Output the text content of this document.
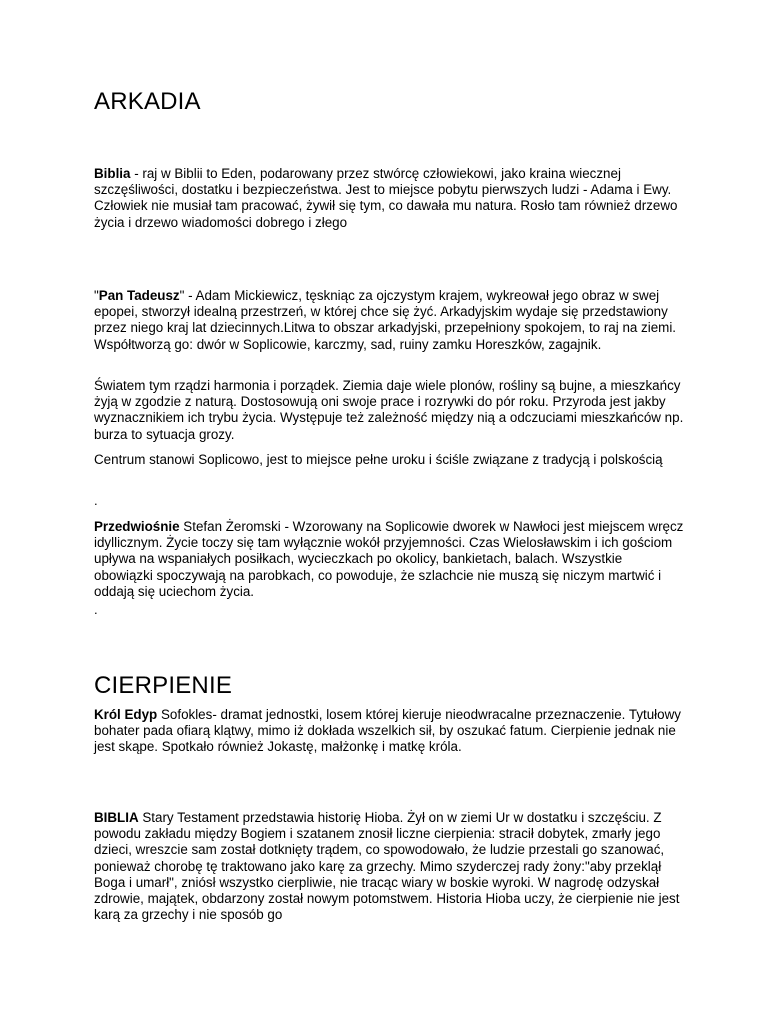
ARKADIA

Biblia - raj w Biblii to Eden, podarowany przez stwórcę człowiekowi, jako kraina wiecznej szczęśliwości, dostatku i bezpieczeństwa. Jest to miejsce pobytu pierwszych ludzi - Adama i Ewy. Człowiek nie musiał tam pracować, żywił się tym, co dawała mu natura. Rosło tam również drzewo życia i drzewo wiadomości dobrego i złego

"Pan Tadeusz" - Adam Mickiewicz, tęskniąc za ojczystym krajem, wykreował jego obraz w swej epopei, stworzył idealną przestrzeń, w której chce się żyć. Arkadyjskim wydaje się przedstawiony przez niego kraj lat dziecinnych.Litwa to obszar arkadyjski, przepełniony spokojem, to raj na ziemi. Współtworzą go: dwór w Soplicowie, karczmy, sad, ruiny zamku Horeszków, zagajnik.

Światem tym rządzi harmonia i porządek. Ziemia daje wiele plonów, rośliny są bujne, a mieszkańcy żyją w zgodzie z naturą. Dostosowują oni swoje prace i rozrywki do pór roku. Przyroda jest jakby wyznacznikiem ich trybu życia. Występuje też zależność między nią a odczuciami mieszkańców np. burza to sytuacja grozy.

Centrum stanowi Soplicowo, jest to miejsce pełne uroku i ściśle związane z tradycją i polskością

.

Przedwiośnie Stefan Żeromski - Wzorowany na Soplicowie dworek w Nawłoci jest miejscem wręcz idyllicznym. Życie toczy się tam wyłącznie wokół przyjemności. Czas Wielosławskim i ich gościom upływa na wspaniałych posiłkach, wycieczkach po okolicy, bankietach, balach. Wszystkie obowiązki spoczywają na parobkach, co powoduje, że szlachcie nie muszą się niczym martwić i oddają się uciechom życia.

.

CIERPIENIE

Król Edyp Sofokles- dramat jednostki, losem której kieruje nieodwracalne przeznaczenie. Tytułowy bohater pada ofiarą klątwy, mimo iż dokłada wszelkich sił, by oszukać fatum. Cierpienie jednak nie jest skąpe. Spotkało również Jokastę, małżonkę i matkę króla.

BIBLIA Stary Testament przedstawia historię Hioba. Żył on w ziemi Ur w dostatku i szczęściu. Z powodu zakładu między Bogiem i szatanem znosił liczne cierpienia: stracił dobytek, zmarły jego dzieci, wreszcie sam został dotknięty trądem, co spowodowało, że ludzie przestali go szanować, ponieważ chorobę tę traktowano jako karę za grzechy. Mimo szyderczej rady żony:"aby przeklął Boga i umarł", zniósł wszystko cierpliwie, nie tracąc wiary w boskie wyroki. W nagrodę odzyskał zdrowie, majątek, obdarzony został nowym potomstwem. Historia Hioba uczy, że cierpienie nie jest karą za grzechy i nie sposób go
